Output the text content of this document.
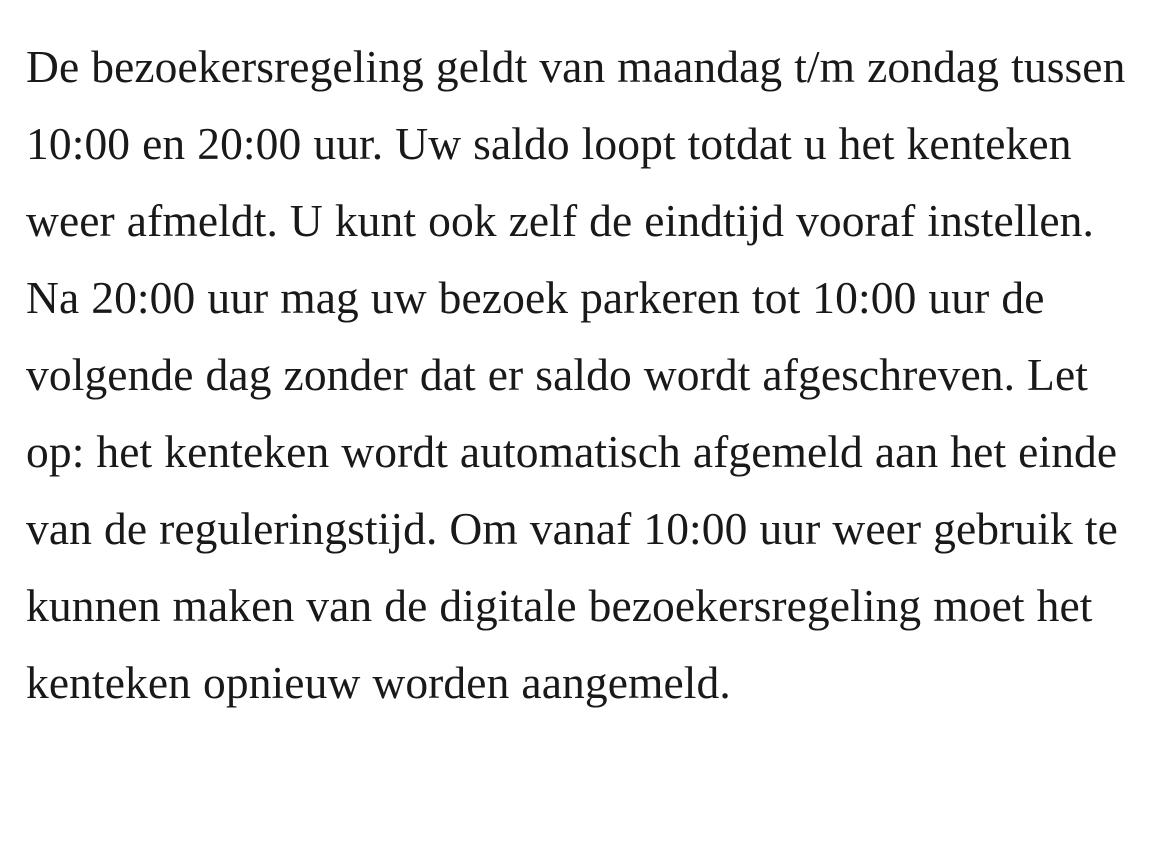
De bezoekersregeling geldt van maandag t/m zondag tussen 10:00 en 20:00 uur. Uw saldo loopt totdat u het kenteken weer afmeldt. U kunt ook zelf de eindtijd vooraf instellen. Na 20:00 uur mag uw bezoek parkeren tot 10:00 uur de volgende dag zonder dat er saldo wordt afgeschreven. Let op: het kenteken wordt automatisch afgemeld aan het einde van de reguleringstijd. Om vanaf 10:00 uur weer gebruik te kunnen maken van de digitale bezoekersregeling moet het kenteken opnieuw worden aangemeld.
